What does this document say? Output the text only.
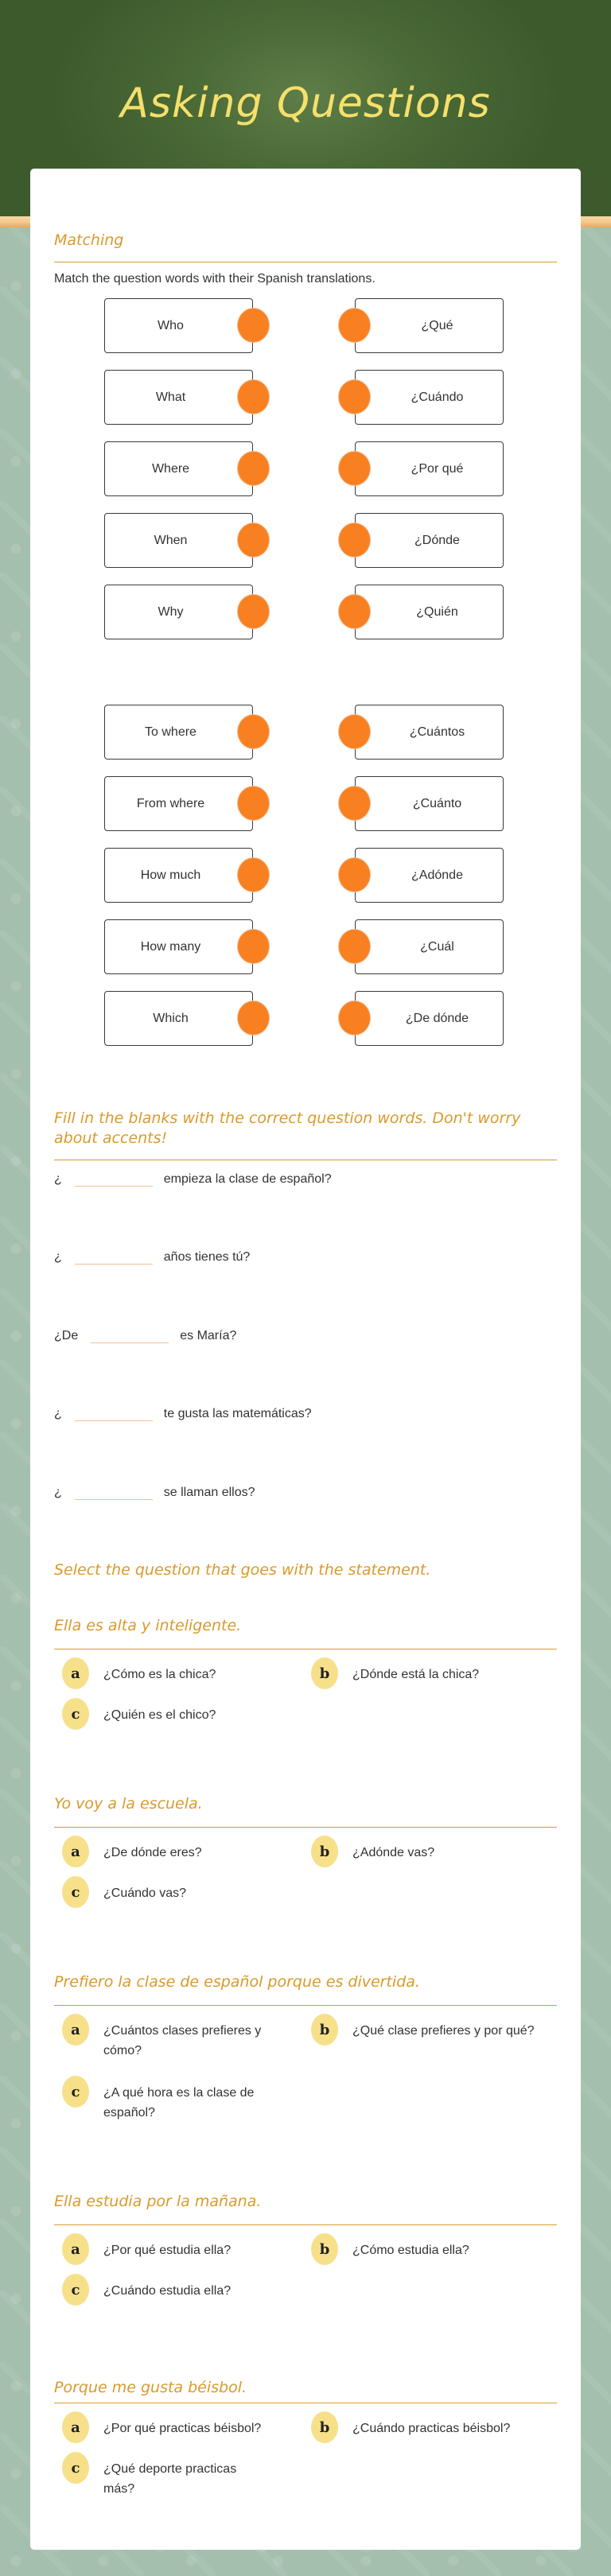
Asking Questions
Matching
Match the question words with their Spanish translations.
Who
What
Where
When
Why
¿Qué
¿Cuándo
¿Por qué
¿Dónde
¿Quién
To where
From where
How much
How many
Which
¿Cuántos
¿Cuánto
¿Adónde
¿Cuál
¿De dónde
Fill in the blanks with the correct question words. Don't worry about accents!
¿	empieza la clase de español?
¿	años tienes tú?
¿De	es María?
¿	te gusta las matemáticas?
¿	se llaman ellos?
Select the question that goes with the statement.
Ella es alta y inteligente.
a	¿Cómo es la chica?	b	¿Dónde está la chica?
c	¿Quién es el chico?
Yo voy a la escuela.
a	¿De dónde eres?	b	¿Adónde vas?
c	¿Cuándo vas?
Prefiero la clase de español porque es divertida.
a	¿Cuántos clases prefieres y cómo?
b	¿Qué clase prefieres y por qué?
c	¿A qué hora es la clase de español?
Ella estudia por la mañana.
a	¿Por qué estudia ella?	b	¿Cómo estudia ella?
c	¿Cuándo estudia ella?
Porque me gusta béisbol.
a	¿Por qué practicas béisbol?	b	¿Cuándo practicas béisbol?
c	¿Qué deporte practicas más?
